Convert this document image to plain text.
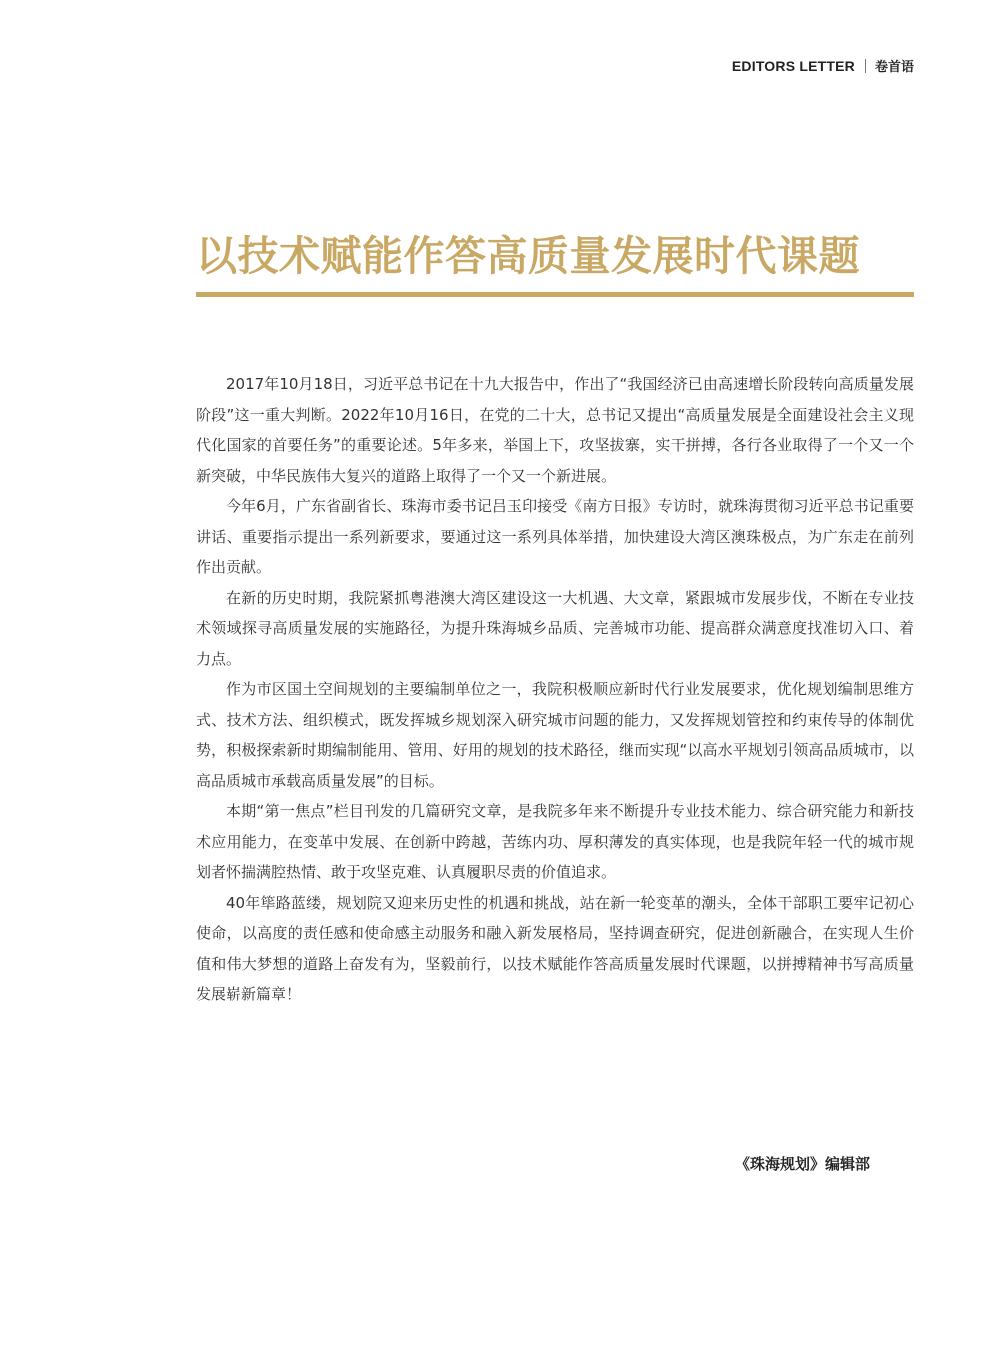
EDITORS LETTER 卷首语
以技术赋能作答高质量发展时代课题

2017年10月18日，习近平总书记在十九大报告中，作出了“我国经济已由高速增长阶段转向高质量发展阶段”这一重大判断。2022年10月16日，在党的二十大，总书记又提出“高质量发展是全面建设社会主义现代化国家的首要任务”的重要论述。5年多来，举国上下，攻坚拔寨，实干拼搏，各行各业取得了一个又一个新突破，中华民族伟大复兴的道路上取得了一个又一个新进展。

今年6月，广东省副省长、珠海市委书记吕玉印接受《南方日报》专访时，就珠海贯彻习近平总书记重要讲话、重要指示提出一系列新要求，要通过这一系列具体举措，加快建设大湾区澳珠极点，为广东走在前列作出贡献。

在新的历史时期，我院紧抓粤港澳大湾区建设这一大机遇、大文章，紧跟城市发展步伐，不断在专业技术领域探寻高质量发展的实施路径，为提升珠海城乡品质、完善城市功能、提高群众满意度找准切入口、着力点。

作为市区国土空间规划的主要编制单位之一，我院积极顺应新时代行业发展要求，优化规划编制思维方式、技术方法、组织模式，既发挥城乡规划深入研究城市问题的能力，又发挥规划管控和约束传导的体制优势，积极探索新时期编制能用、管用、好用的规划的技术路径，继而实现“以高水平规划引领高品质城市，以高品质城市承载高质量发展”的目标。

本期“第一焦点”栏目刊发的几篇研究文章，是我院多年来不断提升专业技术能力、综合研究能力和新技术应用能力，在变革中发展、在创新中跨越，苦练内功、厚积薄发的真实体现，也是我院年轻一代的城市规划者怀揣满腔热情、敢于攻坚克难、认真履职尽责的价值追求。

40年筚路蓝缕，规划院又迎来历史性的机遇和挑战，站在新一轮变革的潮头，全体干部职工要牢记初心使命，以高度的责任感和使命感主动服务和融入新发展格局，坚持调查研究，促进创新融合，在实现人生价值和伟大梦想的道路上奋发有为，坚毅前行，以技术赋能作答高质量发展时代课题，以拼搏精神书写高质量发展崭新篇章！

《珠海规划》编辑部
